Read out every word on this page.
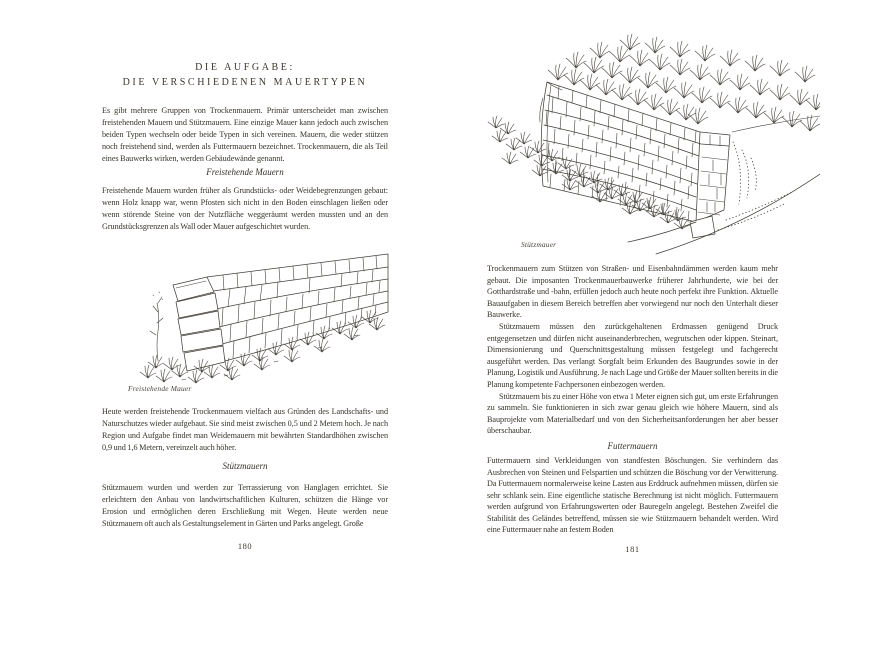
DIE AUFGABE:
DIE VERSCHIEDENEN MAUERTYPEN

Es gibt mehrere Gruppen von Trockenmauern. Primär unterscheidet man zwischen freistehenden Mauern und Stützmauern. Eine einzige Mauer kann jedoch auch zwischen beiden Typen wechseln oder beide Typen in sich vereinen. Mauern, die weder stützen noch freistehend sind, werden als Futtermauern bezeichnet. Trockenmauern, die als Teil eines Bauwerks wirken, werden Gebäudewände genannt.

Freistehende Mauern

Freistehende Mauern wurden früher als Grundstücks- oder Weidebegrenzungen gebaut: wenn Holz knapp war, wenn Pfosten sich nicht in den Boden einschlagen ließen oder wenn störende Steine von der Nutzfläche weggeräumt werden mussten und an den Grundstücksgrenzen als Wall oder Mauer aufgeschichtet wurden.

Freistehende Mauer

Heute werden freistehende Trockenmauern vielfach aus Gründen des Landschafts- und Naturschutzes wieder aufgebaut. Sie sind meist zwischen 0,5 und 2 Metern hoch. Je nach Region und Aufgabe findet man Weidemauern mit bewährten Standardhöhen zwischen 0,9 und 1,6 Metern, vereinzelt auch höher.

Stützmauern

Stützmauern wurden und werden zur Terrassierung von Hanglagen errichtet. Sie erleichtern den Anbau von landwirtschaftlichen Kulturen, schützen die Hänge vor Erosion und ermöglichen deren Erschließung mit Wegen. Heute werden neue Stützmauern oft auch als Gestaltungselement in Gärten und Parks angelegt. Große

180
Stützmauer

Trockenmauern zum Stützen von Straßen- und Eisenbahndämmen werden kaum mehr gebaut. Die imposanten Trockenmauerbauwerke früherer Jahrhunderte, wie bei der Gotthardstraße und -bahn, erfüllen jedoch auch heute noch perfekt ihre Funktion. Aktuelle Bauaufgaben in diesem Bereich betreffen aber vorwiegend nur noch den Unterhalt dieser Bauwerke.

Stützmauern müssen den zurückgehaltenen Erdmassen genügend Druck entgegensetzen und dürfen nicht auseinanderbrechen, wegrutschen oder kippen. Steinart, Dimensionierung und Querschnittsgestaltung müssen festgelegt und fachgerecht ausgeführt werden. Das verlangt Sorgfalt beim Erkunden des Baugrundes sowie in der Planung, Logistik und Ausführung. Je nach Lage und Größe der Mauer sollten bereits in die Planung kompetente Fachpersonen einbezogen werden.

Stützmauern bis zu einer Höhe von etwa 1 Meter eignen sich gut, um erste Erfahrungen zu sammeln. Sie funktionieren in sich zwar genau gleich wie höhere Mauern, sind als Bauprojekte vom Materialbedarf und von den Sicherheitsanforderungen her aber besser überschaubar.

Futtermauern

Futtermauern sind Verkleidungen von standfesten Böschungen. Sie verhindern das Ausbrechen von Steinen und Felspartien und schützen die Böschung vor der Verwitterung. Da Futtermauern normalerweise keine Lasten aus Erddruck aufnehmen müssen, dürfen sie sehr schlank sein. Eine eigentliche statische Berechnung ist nicht möglich. Futtermauern werden aufgrund von Erfahrungswerten oder Bauregeln angelegt. Bestehen Zweifel die Stabilität des Geländes betreffend, müssen sie wie Stützmauern behandelt werden. Wird eine Futtermauer nahe an festem Boden

181
